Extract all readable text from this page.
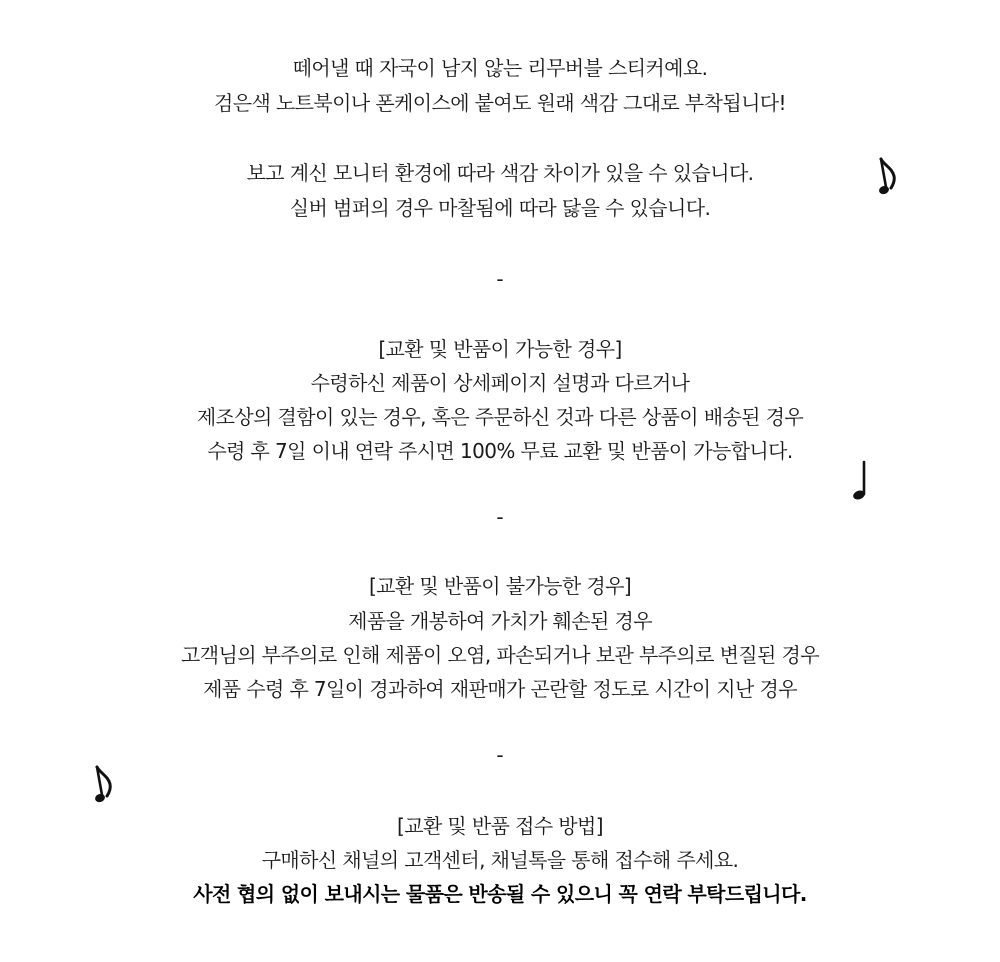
떼어낼 때 자국이 남지 않는 리무버블 스티커예요.
검은색 노트북이나 폰케이스에 붙여도 원래 색감 그대로 부착됩니다!
보고 계신 모니터 환경에 따라 색감 차이가 있을 수 있습니다.
실버 범퍼의 경우 마찰됨에 따라 닳을 수 있습니다.
-
[교환 및 반품이 가능한 경우]
수령하신 제품이 상세페이지 설명과 다르거나
제조상의 결함이 있는 경우, 혹은 주문하신 것과 다른 상품이 배송된 경우
수령 후 7일 이내 연락 주시면 100% 무료 교환 및 반품이 가능합니다.
-
[교환 및 반품이 불가능한 경우]
제품을 개봉하여 가치가 훼손된 경우
고객님의 부주의로 인해 제품이 오염, 파손되거나 보관 부주의로 변질된 경우
제품 수령 후 7일이 경과하여 재판매가 곤란할 정도로 시간이 지난 경우
-
[교환 및 반품 접수 방법]
구매하신 채널의 고객센터, 채널톡을 통해 접수해 주세요.
사전 협의 없이 보내시는 물품은 반송될 수 있으니 꼭 연락 부탁드립니다.
